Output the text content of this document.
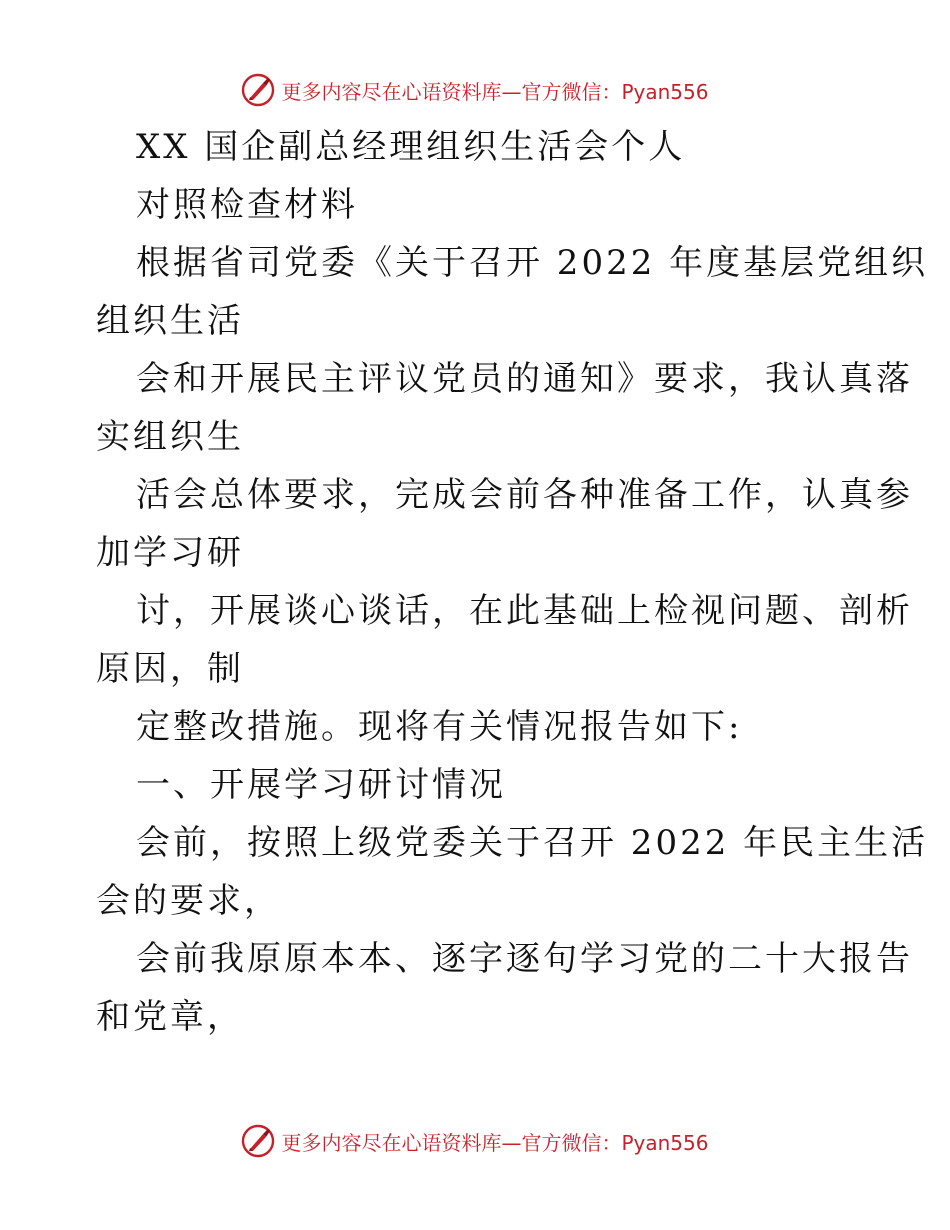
更多内容尽在心语资料库—官方微信：Pyan556
XX 国企副总经理组织生活会个人
对照检查材料
根据省司党委《关于召开 2022 年度基层党组织
组织生活
会和开展民主评议党员的通知》要求，我认真落
实组织生
活会总体要求，完成会前各种准备工作，认真参
加学习研
讨，开展谈心谈话，在此基础上检视问题、剖析
原因，制
定整改措施。现将有关情况报告如下:
一、开展学习研讨情况
会前，按照上级党委关于召开 2022 年民主生活
会的要求，
会前我原原本本、逐字逐句学习党的二十大报告
和党章，
更多内容尽在心语资料库—官方微信：Pyan556
